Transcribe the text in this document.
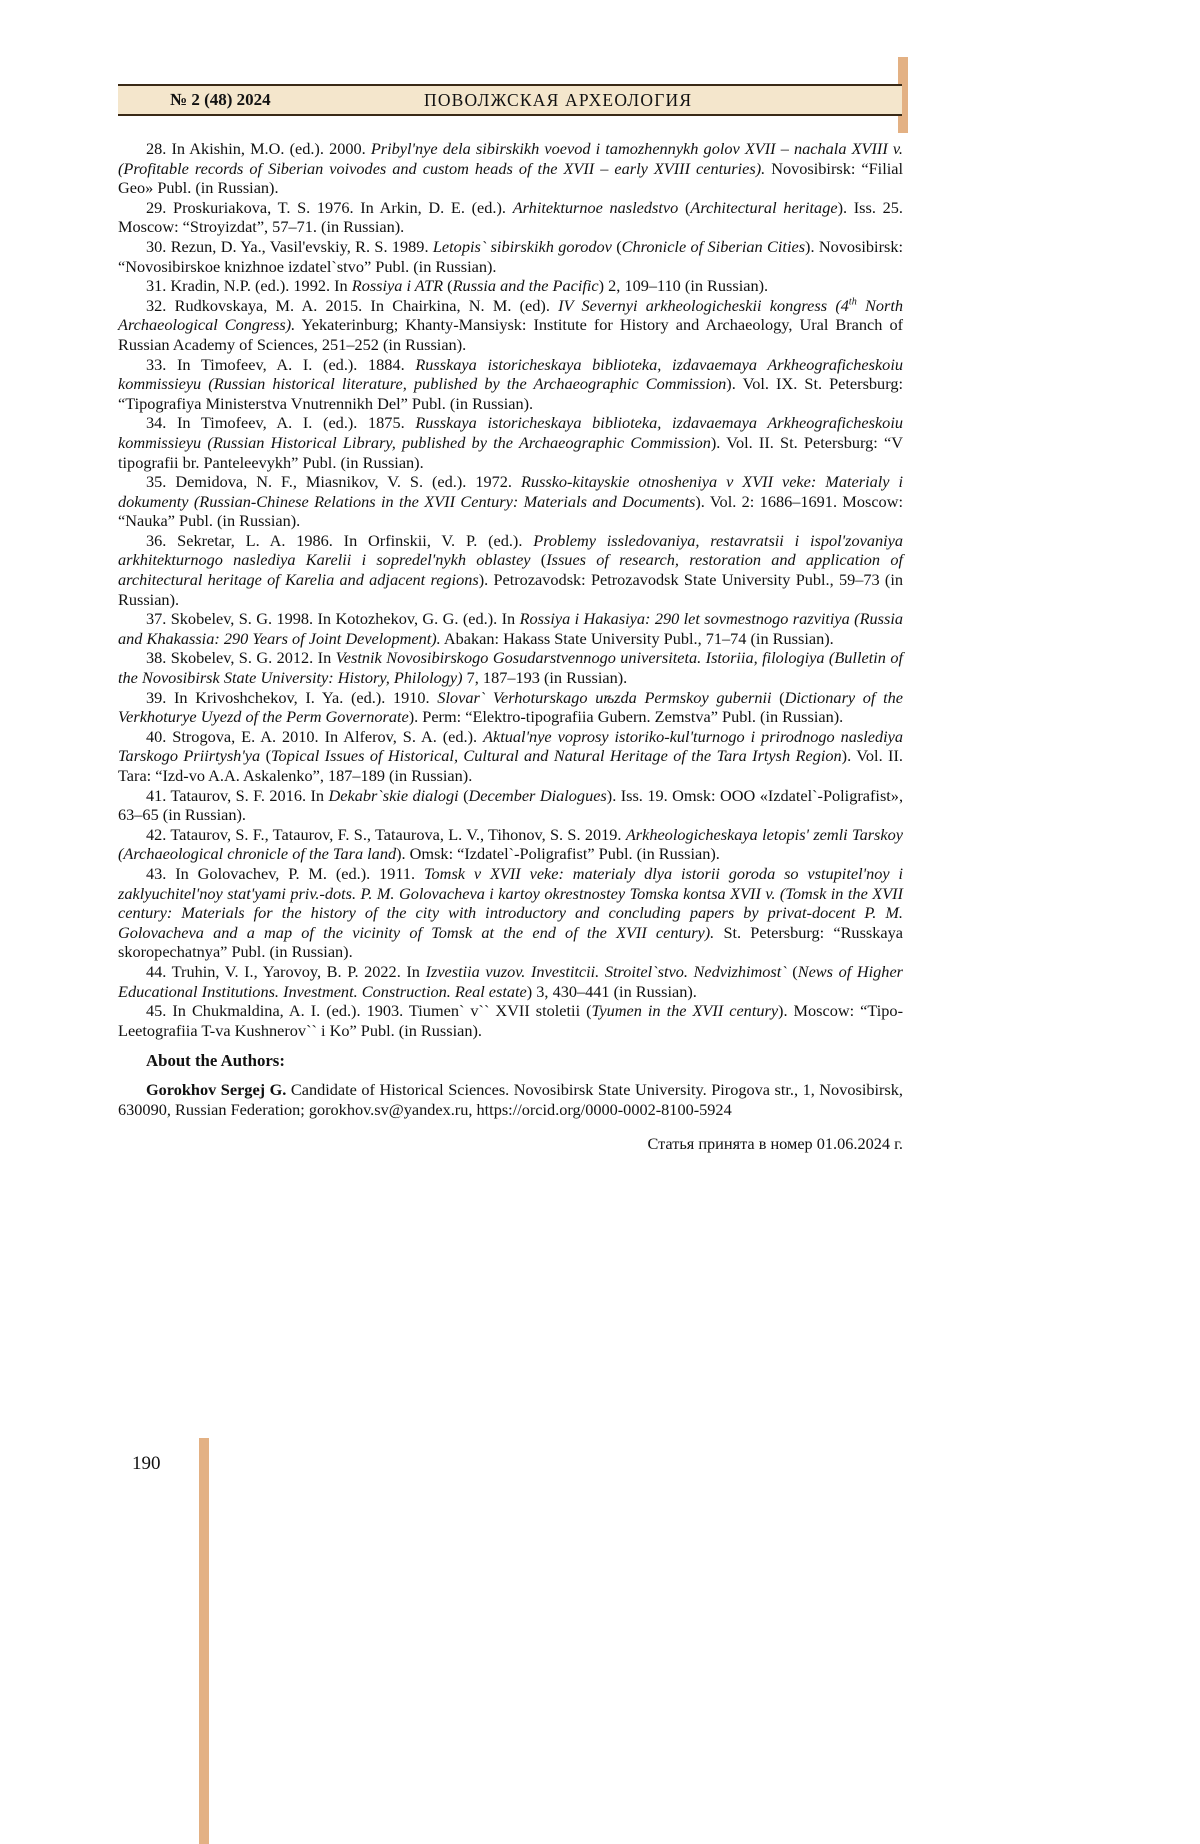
№ 2 (48) 2024	ПОВОЛЖСКАЯ АРХЕОЛОГИЯ

28. In Akishin, M.O. (ed.). 2000. Pribyl'nye dela sibirskikh voevod i tamozhennykh golov XVII – nachala XVIII v. (Profitable records of Siberian voivodes and custom heads of the XVII – early XVIII centuries). Novosibirsk: “Filial Geo» Publ. (in Russian).

29. Proskuriakova, T. S. 1976. In Arkin, D. E. (ed.). Arhitekturnoe nasledstvo (Architectural heritage). Iss. 25. Moscow: “Stroyizdat”, 57–71. (in Russian).

30. Rezun, D. Ya., Vasil'evskiy, R. S. 1989. Letopis` sibirskikh gorodov (Chronicle of Siberian Cities). Novosibirsk: “Novosibirskoe knizhnoe izdatel`stvo” Publ. (in Russian).

31. Kradin, N.P. (ed.). 1992. In Rossiya i ATR (Russia and the Pacific) 2, 109–110 (in Russian).

32. Rudkovskaya, M. A. 2015. In Chairkina, N. M. (ed). IV Severnyi arkheologicheskii kongress (4th North Archaeological Congress). Yekaterinburg; Khanty-Mansiysk: Institute for History and Archaeology, Ural Branch of Russian Academy of Sciences, 251–252 (in Russian).

33. In Timofeev, A. I. (ed.). 1884. Russkaya istoricheskaya biblioteka, izdavaemaya Arkheograficheskoiu kommissieyu (Russian historical literature, published by the Archaeographic Commission). Vol. IX. St. Petersburg: “Tipografiya Ministerstva Vnutrennikh Del” Publ. (in Russian).

34. In Timofeev, A. I. (ed.). 1875. Russkaya istoricheskaya biblioteka, izdavaemaya Arkheograficheskoiu kommissieyu (Russian Historical Library, published by the Archaeographic Commission). Vol. II. St. Petersburg: “V tipografii br. Panteleevykh” Publ. (in Russian).

35. Demidova, N. F., Miasnikov, V. S. (ed.). 1972. Russko-kitayskie otnosheniya v XVII veke: Materialy i dokumenty (Russian-Chinese Relations in the XVII Century: Materials and Documents). Vol. 2: 1686–1691. Moscow: “Nauka” Publ. (in Russian).

36. Sekretar, L. A. 1986. In Orfinskii, V. P. (ed.). Problemy issledovaniya, restavratsii i ispol'zovaniya arkhitekturnogo naslediya Karelii i sopredel'nykh oblastey (Issues of research, restoration and application of architectural heritage of Karelia and adjacent regions). Petrozavodsk: Petrozavodsk State University Publ., 59–73 (in Russian).

37. Skobelev, S. G. 1998. In Kotozhekov, G. G. (ed.). In Rossiya i Hakasiya: 290 let sovmestnogo razvitiya (Russia and Khakassia: 290 Years of Joint Development). Abakan: Hakass State University Publ., 71–74 (in Russian).

38. Skobelev, S. G. 2012. In Vestnik Novosibirskogo Gosudarstvennogo universiteta. Istoriia, filologiya (Bulletin of the Novosibirsk State University: History, Philology) 7, 187–193 (in Russian).

39. In Krivoshchekov, I. Ya. (ed.). 1910. Slovar` Verhoturskago uѣzda Permskoy gubernii (Dictionary of the Verkhoturye Uyezd of the Perm Governorate). Perm: “Elektro-tipografiia Gubern. Zemstva” Publ. (in Russian).

40. Strogova, E. A. 2010. In Alferov, S. A. (ed.). Aktual'nye voprosy istoriko-kul'turnogo i prirodnogo naslediya Tarskogo Priirtysh'ya (Topical Issues of Historical, Cultural and Natural Heritage of the Tara Irtysh Region). Vol. II. Tara: “Izd-vo A.A. Askalenko”, 187–189 (in Russian).

41. Tataurov, S. F. 2016. In Dekabr`skie dialogi (December Dialogues). Iss. 19. Omsk: OOO «Izdatel`-Poligrafist», 63–65 (in Russian).

42. Tataurov, S. F., Tataurov, F. S., Tataurova, L. V., Tihonov, S. S. 2019. Arkheologicheskaya letopis' zemli Tarskoy (Archaeological chronicle of the Tara land). Omsk: “Izdatel`-Poligrafist” Publ. (in Russian).

43. In Golovachev, P. M. (ed.). 1911. Tomsk v XVII veke: materialy dlya istorii goroda so vstupitel'noy i zaklyuchitel'noy stat'yami priv.-dots. P. M. Golovacheva i kartoy okrestnostey Tomska kontsa XVII v. (Tomsk in the XVII century: Materials for the history of the city with introductory and concluding papers by privat-docent P. M. Golovacheva and a map of the vicinity of Tomsk at the end of the XVII century). St. Petersburg: “Russkaya skoropechatnya” Publ. (in Russian).

44. Truhin, V. I., Yarovoy, B. P. 2022. In Izvestiia vuzov. Investitcii. Stroitel`stvo. Nedvizhimost` (News of Higher Educational Institutions. Investment. Construction. Real estate) 3, 430–441 (in Russian).

45. In Chukmaldina, A. I. (ed.). 1903. Tiumen` v`` XVII stoletii (Tyumen in the XVII century). Moscow: “Tipo-Leetografiia T-va Kushnerov`` i Ko” Publ. (in Russian).

About the Authors:

Gorokhov Sergej G. Candidate of Historical Sciences. Novosibirsk State University. Pirogova str., 1, Novosibirsk, 630090, Russian Federation; gorokhov.sv@yandex.ru, https://orcid.org/0000-0002-8100-5924

Статья принята в номер 01.06.2024 г.

190
